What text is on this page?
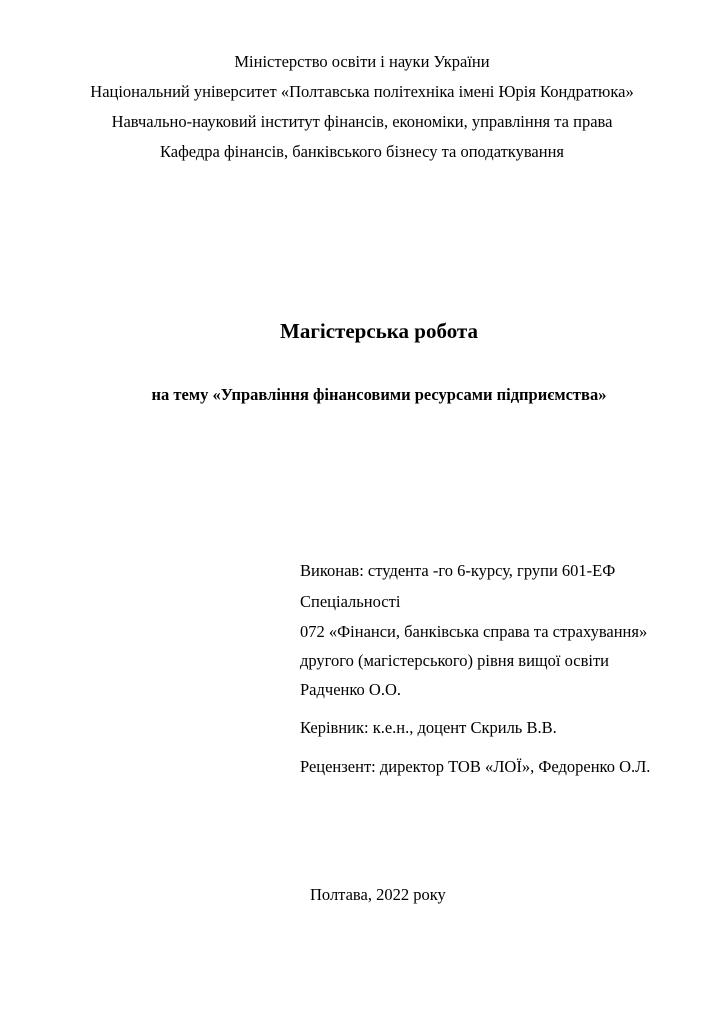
Міністерство освіти і науки України
Національний університет «Полтавська політехніка імені Юрія Кондратюка»
Навчально-науковий інститут фінансів, економіки, управління та права
Кафедра фінансів, банківського бізнесу та оподаткування
Магістерська робота
на тему «Управління фінансовими ресурсами підприємства»
Виконав: студента -го 6-курсу, групи 601-ЕФ
Спеціальності
072 «Фінанси, банківська справа та страхування»
другого (магістерського) рівня вищої освіти
Радченко О.О.
Керівник: к.е.н., доцент Скриль В.В.
Рецензент: директор ТОВ «ЛОЇ», Федоренко О.Л.
Полтава, 2022 року
